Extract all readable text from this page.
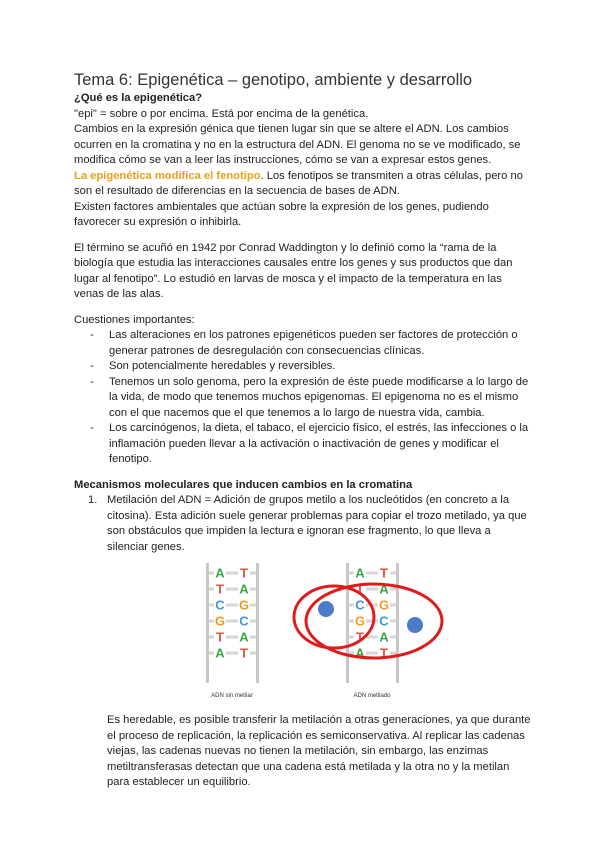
Tema 6: Epigenética – genotipo, ambiente y desarrollo

¿Qué es la epigenética?

"epi" = sobre o por encima. Está por encima de la genética.

Cambios en la expresión génica que tienen lugar sin que se altere el ADN. Los cambios ocurren en la cromatina y no en la estructura del ADN. El genoma no se ve modificado, se modifica cómo se van a leer las instrucciones, cómo se van a expresar estos genes.

La epigenética modifica el fenotipo. Los fenotipos se transmiten a otras células, pero no son el resultado de diferencias en la secuencia de bases de ADN.

Existen factores ambientales que actúan sobre la expresión de los genes, pudiendo favorecer su expresión o inhibirla.

El término se acuñó en 1942 por Conrad Waddington y lo definió como la “rama de la biología que estudia las interacciones causales entre los genes y sus productos que dan lugar al fenotipo”. Lo estudió en larvas de mosca y el impacto de la temperatura en las venas de las alas.

Cuestiones importantes:

- Las alteraciones en los patrones epigenéticos pueden ser factores de protección o generar patrones de desregulación con consecuencias clínicas.
- Son potencialmente heredables y reversibles.
- Tenemos un solo genoma, pero la expresión de éste puede modificarse a lo largo de la vida, de modo que tenemos muchos epigenomas. El epigenoma no es el mismo con el que nacemos que el que tenemos a lo largo de nuestra vida, cambia.
- Los carcinógenos, la dieta, el tabaco, el ejercicio físico, el estrés, las infecciones o la inflamación pueden llevar a la activación o inactivación de genes y modificar el fenotipo.

Mecanismos moleculares que inducen cambios en la cromatina

1. Metilación del ADN = Adición de grupos metilo a los nucleótidos (en concreto a la citosina). Esta adición suele generar problemas para copiar el trozo metilado, ya que son obstáculos que impiden la lectura e ignoran ese fragmento, lo que lleva a silenciar genes.

A T
T A
C G
G C
T A
A T
ADN sin metilar
A T
T A
C G
G C
T A
A T
ADN metilado

Es heredable, es posible transferir la metilación a otras generaciones, ya que durante el proceso de replicación, la replicación es semiconservativa. Al replicar las cadenas viejas, las cadenas nuevas no tienen la metilación, sin embargo, las enzimas metiltransferasas detectan que una cadena está metilada y la otra no y la metilan para establecer un equilibrio.
